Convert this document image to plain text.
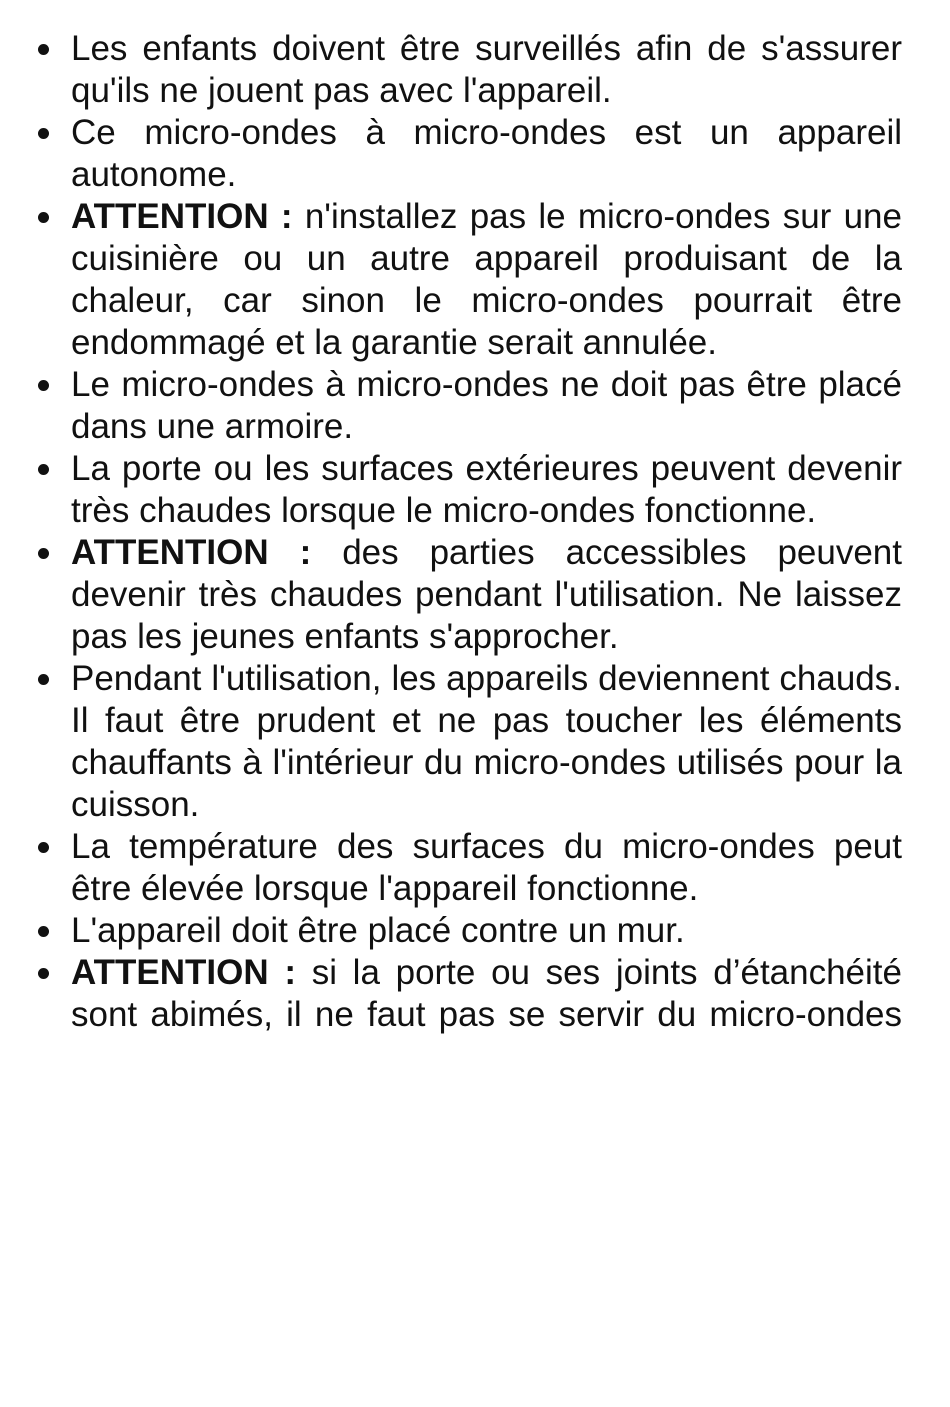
Les enfants doivent être surveillés afin de s'assurer qu'ils ne jouent pas avec l'appareil.
Ce micro-ondes à micro-ondes est un appareil autonome.
ATTENTION : n'installez pas le micro-ondes sur une cuisinière ou un autre appareil produisant de la chaleur, car sinon le micro-ondes pourrait être endommagé et la garantie serait annulée.
Le micro-ondes à micro-ondes ne doit pas être placé dans une armoire.
La porte ou les surfaces extérieures peuvent devenir très chaudes lorsque le micro-ondes fonctionne.
ATTENTION : des parties accessibles peuvent devenir très chaudes pendant l'utilisation. Ne laissez pas les jeunes enfants s'approcher.
Pendant l'utilisation, les appareils deviennent chauds. Il faut être prudent et ne pas toucher les éléments chauffants à l'intérieur du micro-ondes utilisés pour la cuisson.
La température des surfaces du micro-ondes peut être élevée lorsque l'appareil fonctionne.
L'appareil doit être placé contre un mur.
ATTENTION : si la porte ou ses joints d’étanchéité sont abimés, il ne faut pas se servir du micro-ondes
